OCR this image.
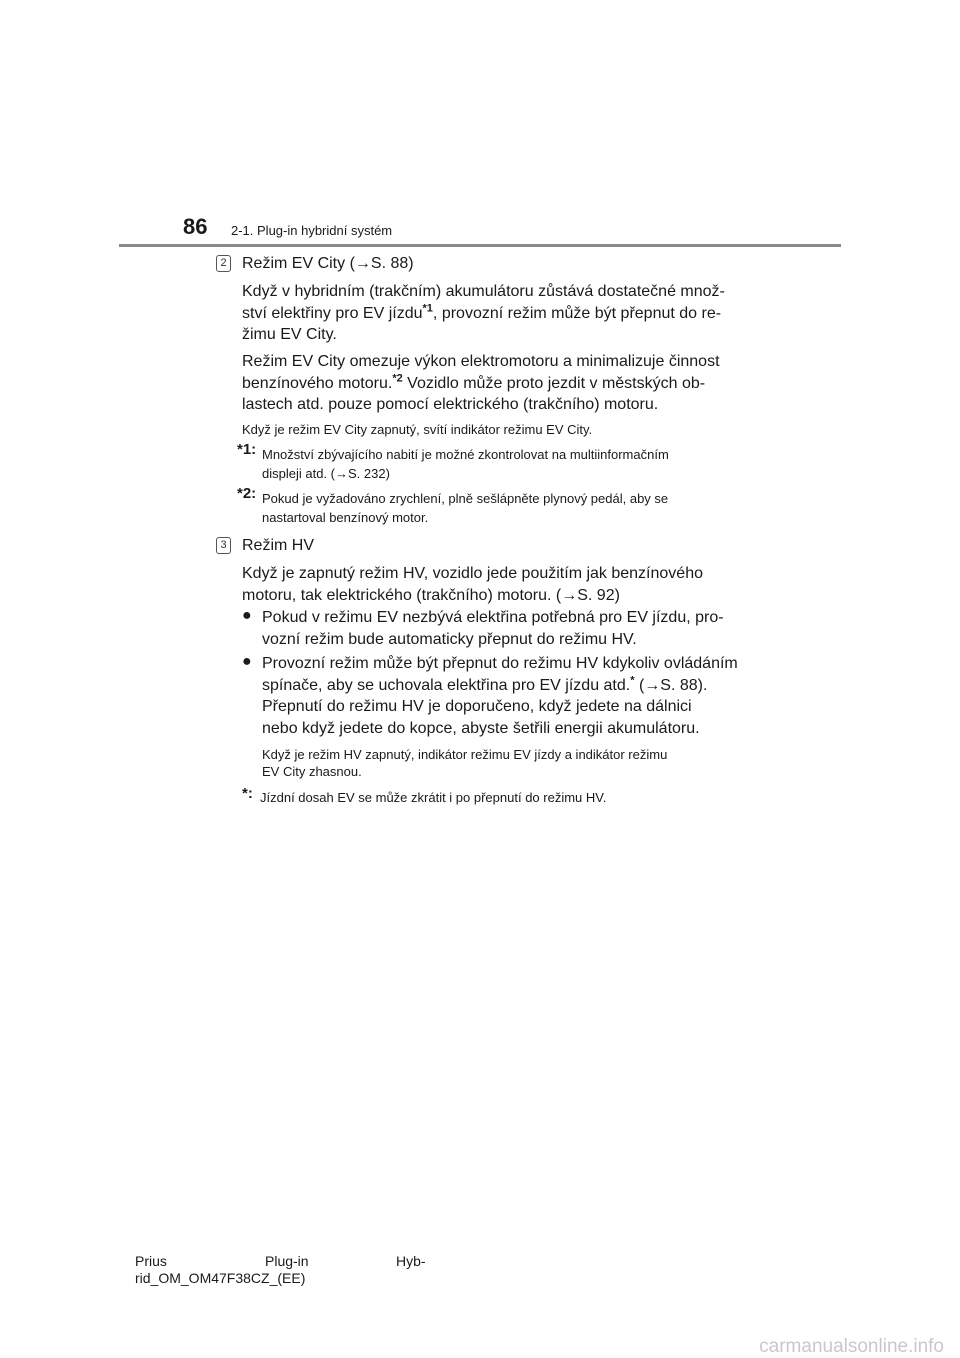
86 2-1. Plug-in hybridní systém
2 Režim EV City (→S. 88)
Když v hybridním (trakčním) akumulátoru zůstává dostatečné množ-
ství elektřiny pro EV jízdu$^{*1}$, provozní režim může být přepnut do re-
žimu EV City.
Režim EV City omezuje výkon elektromotoru a minimalizuje činnost
benzínového motoru.$^{*2}$ Vozidlo může proto jezdit v městských ob-
lastech atd. pouze pomocí elektrického (trakčního) motoru.
Když je režim EV City zapnutý, svítí indikátor režimu EV City.
*1: Množství zbývajícího nabití je možné zkontrolovat na multiinformačním
displeji atd. (→S. 232)
*2: Pokud je vyžadováno zrychlení, plně sešlápněte plynový pedál, aby se
nastartoval benzínový motor.
3 Režim HV
Když je zapnutý režim HV, vozidlo jede použitím jak benzínového
motoru, tak elektrického (trakčního) motoru. (→S. 92)
● Pokud v režimu EV nezbývá elektřina potřebná pro EV jízdu, pro-
vozní režim bude automaticky přepnut do režimu HV.
● Provozní režim může být přepnut do režimu HV kdykoliv ovládáním
spínače, aby se uchovala elektřina pro EV jízdu atd.* (→S. 88).
Přepnutí do režimu HV je doporučeno, když jedete na dálnici
nebo když jedete do kopce, abyste šetřili energii akumulátoru.
Když je režim HV zapnutý, indikátor režimu EV jízdy a indikátor režimu
EV City zhasnou.
*: Jízdní dosah EV se může zkrátit i po přepnutí do režimu HV.
Prius	Plug-in	Hyb-
rid_OM_OM47F38CZ_(EE)
carmanualsonline.info
